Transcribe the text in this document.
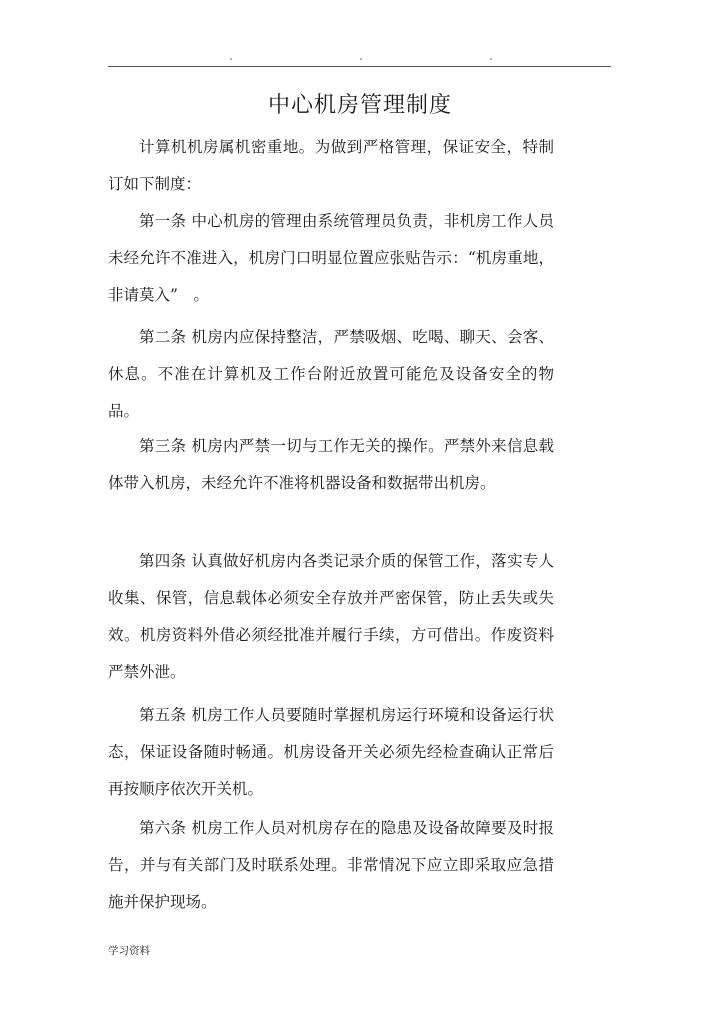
中心机房管理制度

计算机机房属机密重地。为做到严格管理，保证安全，特制订如下制度：

第一条 中心机房的管理由系统管理员负责，非机房工作人员未经允许不准进入，机房门口明显位置应张贴告示：“机房重地，非请莫入”　。

第二条 机房内应保持整洁，严禁吸烟、吃喝、聊天、会客、休息。不准在计算机及工作台附近放置可能危及设备安全的物品。

第三条 机房内严禁一切与工作无关的操作。严禁外来信息载体带入机房，未经允许不准将机器设备和数据带出机房。

第四条 认真做好机房内各类记录介质的保管工作，落实专人收集、保管，信息载体必须安全存放并严密保管，防止丢失或失效。机房资料外借必须经批准并履行手续，方可借出。作废资料严禁外泄。

第五条 机房工作人员要随时掌握机房运行环境和设备运行状态，保证设备随时畅通。机房设备开关必须先经检查确认正常后再按顺序依次开关机。

第六条 机房工作人员对机房存在的隐患及设备故障要及时报告，并与有关部门及时联系处理。非常情况下应立即采取应急措施并保护现场。

学习资料
